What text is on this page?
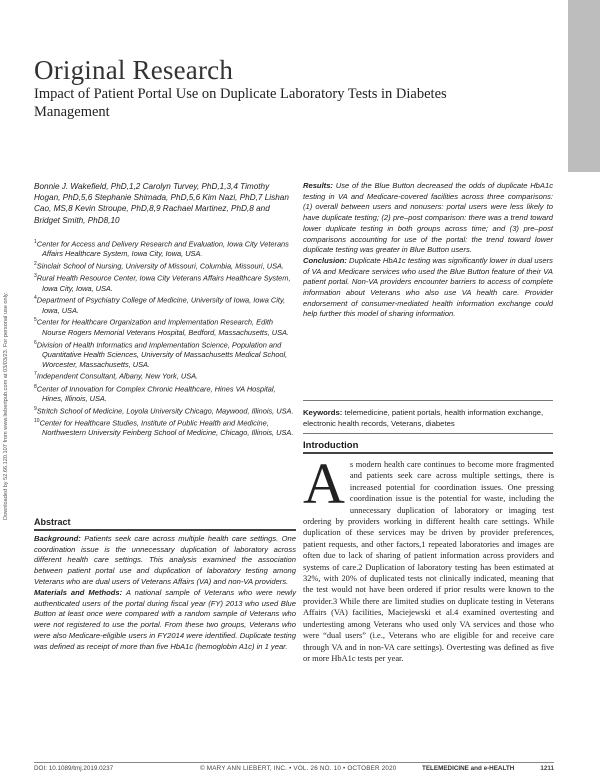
Downloaded by 52.66.120.107 from www.liebertpub.com at 03/03/23. For personal use only.
Original Research
Impact of Patient Portal Use on Duplicate Laboratory Tests in Diabetes Management
Bonnie J. Wakefield, PhD,1,2 Carolyn Turvey, PhD,1,3,4 Timothy Hogan, PhD,5,6 Stephanie Shimada, PhD,5,6 Kim Nazi, PhD,7 Lishan Cao, MS,8 Kevin Stroupe, PhD,8,9 Rachael Martinez, PhD,8 and Bridget Smith, PhD8,10
$^1$Center for Access and Delivery Research and Evaluation, Iowa City Veterans Affairs Healthcare System, Iowa City, Iowa, USA.
$^2$Sinclair School of Nursing, University of Missouri, Columbia, Missouri, USA.
$^3$Rural Health Resource Center, Iowa City Veterans Affairs Healthcare System, Iowa City, Iowa, USA.
$^4$Department of Psychiatry College of Medicine, University of Iowa, Iowa City, Iowa, USA.
$^5$Center for Healthcare Organization and Implementation Research, Edith Nourse Rogers Memorial Veterans Hospital, Bedford, Massachusetts, USA.
$^6$Division of Health Informatics and Implementation Science, Population and Quantitative Health Sciences, University of Massachusetts Medical School, Worcester, Massachusetts, USA.
$^7$Independent Consultant, Albany, New York, USA.
$^8$Center of Innovation for Complex Chronic Healthcare, Hines VA Hospital, Hines, Illinois, USA.
$^9$Stritch School of Medicine, Loyola University Chicago, Maywood, Illinois, USA.
$^{10}$Center for Healthcare Studies, Institute of Public Health and Medicine, Northwestern University Feinberg School of Medicine, Chicago, Illinois, USA.
Abstract
Background: Patients seek care across multiple health care settings. One coordination issue is the unnecessary duplication of laboratory across different health care settings. This analysis examined the association between patient portal use and duplication of laboratory testing among Veterans who are dual users of Veterans Affairs (VA) and non-VA providers.
Materials and Methods: A national sample of Veterans who were newly authenticated users of the portal during fiscal year (FY) 2013 who used Blue Button at least once were compared with a random sample of Veterans who were not registered to use the portal. From these two groups, Veterans who were also Medicare-eligible users in FY2014 were identified. Duplicate testing was defined as receipt of more than five HbA1c (hemoglobin A1c) in 1 year.
Results: Use of the Blue Button decreased the odds of duplicate HbA1c testing in VA and Medicare-covered facilities across three comparisons: (1) overall between users and nonusers: portal users were less likely to have duplicate testing; (2) pre–post comparison: there was a trend toward lower duplicate testing in both groups across time; and (3) pre–post comparisons accounting for use of the portal: the trend toward lower duplicate testing was greater in Blue Button users.
Conclusion: Duplicate HbA1c testing was significantly lower in dual users of VA and Medicare services who used the Blue Button feature of their VA patient portal. Non-VA providers encounter barriers to access of complete information about Veterans who also use VA health care. Provider endorsement of consumer-mediated health information exchange could help further this model of sharing information.
Keywords: telemedicine, patient portals, health information exchange, electronic health records, Veterans, diabetes
Introduction
A s modern health care continues to become more fragmented and patients seek care across multiple settings, there is increased potential for coordination issues. One pressing coordination issue is the potential for waste, including the unnecessary duplication of laboratory or imaging test ordering by providers working in different health care settings. While duplication of these services may be driven by provider preferences, patient requests, and other factors,1 repeated laboratories and images are often due to lack of sharing of patient information across providers and systems of care.2 Duplication of laboratory testing has been estimated at 32%, with 20% of duplicated tests not clinically indicated, meaning that the test would not have been ordered if prior results were known to the provider.3 While there are limited studies on duplicate testing in Veterans Affairs (VA) facilities, Maciejewski et al.4 examined overtesting and undertesting among Veterans who used only VA services and those who were “dual users” (i.e., Veterans who are eligible for and receive care through VA and in non-VA care settings). Overtesting was defined as five or more HbA1c tests per year.
DOI: 10.1089/tmj.2019.0237	© MARY ANN LIEBERT, INC. • VOL. 26 NO. 10 • OCTOBER 2020	TELEMEDICINE and e-HEALTH	1211
